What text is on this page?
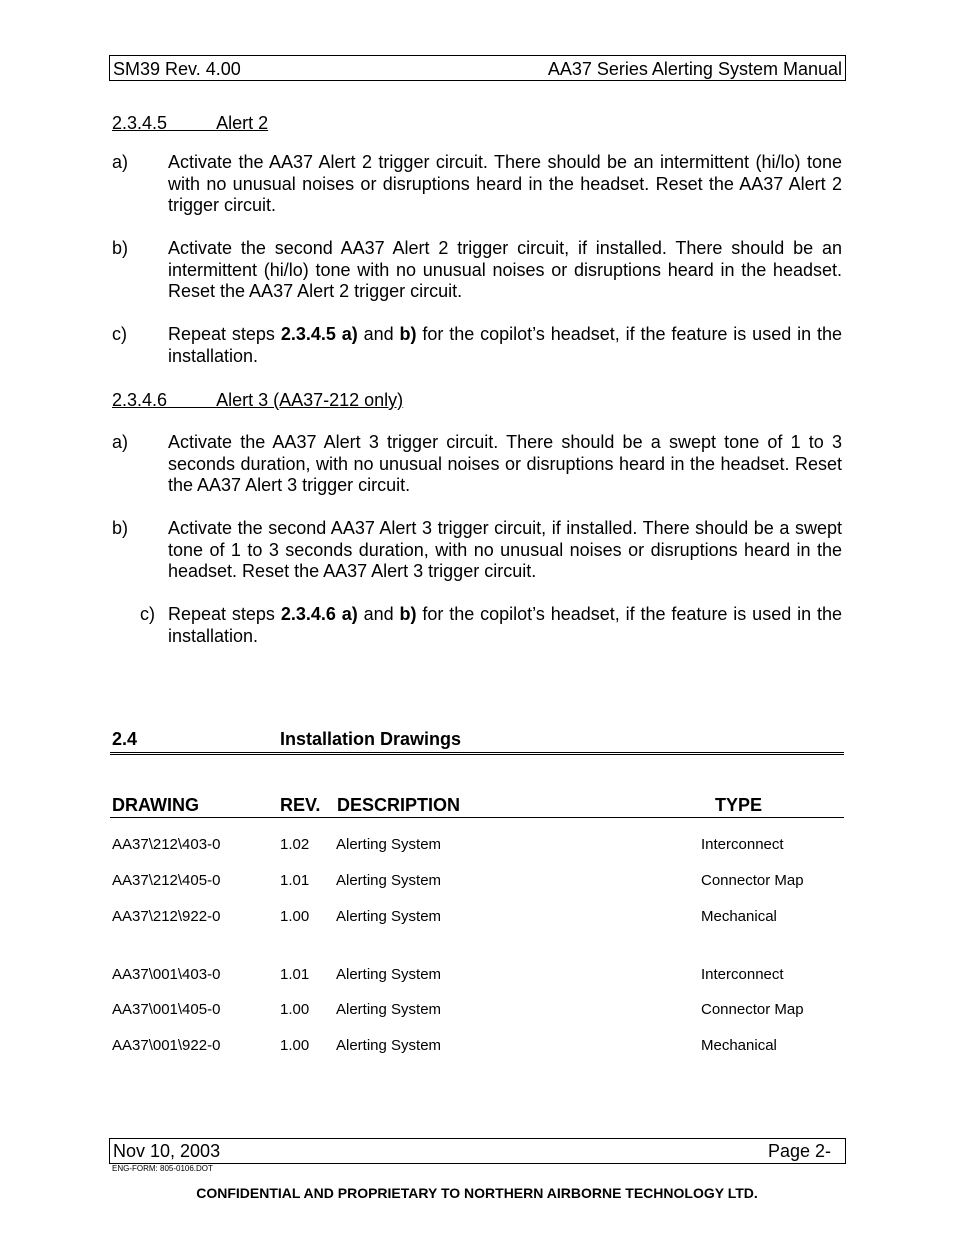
SM39 Rev. 4.00	AA37 Series Alerting System Manual
2.3.4.5	Alert 2
a) Activate the AA37 Alert 2 trigger circuit. There should be an intermittent (hi/lo) tone with no unusual noises or disruptions heard in the headset. Reset the AA37 Alert 2 trigger circuit.
b) Activate the second AA37 Alert 2 trigger circuit, if installed. There should be an intermittent (hi/lo) tone with no unusual noises or disruptions heard in the headset. Reset the AA37 Alert 2 trigger circuit.
c) Repeat steps 2.3.4.5 a) and b) for the copilot’s headset, if the feature is used in the installation.
2.3.4.6	Alert 3 (AA37-212 only)
a) Activate the AA37 Alert 3 trigger circuit. There should be a swept tone of 1 to 3 seconds duration, with no unusual noises or disruptions heard in the headset. Reset the AA37 Alert 3 trigger circuit.
b) Activate the second AA37 Alert 3 trigger circuit, if installed. There should be a swept tone of 1 to 3 seconds duration, with no unusual noises or disruptions heard in the headset. Reset the AA37 Alert 3 trigger circuit.
c) Repeat steps 2.3.4.6 a) and b) for the copilot’s headset, if the feature is used in the installation.
2.4	Installation Drawings
DRAWING	REV. DESCRIPTION	TYPE
AA37\212\403-0	1.02 Alerting System	Interconnect
AA37\212\405-0	1.01 Alerting System	Connector Map
AA37\212\922-0	1.00 Alerting System	Mechanical
AA37\001\403-0	1.01 Alerting System	Interconnect
AA37\001\405-0	1.00 Alerting System	Connector Map
AA37\001\922-0	1.00 Alerting System	Mechanical
Nov 10, 2003	Page 2-
ENG-FORM: 805-0106.DOT
CONFIDENTIAL AND PROPRIETARY TO NORTHERN AIRBORNE TECHNOLOGY LTD.
